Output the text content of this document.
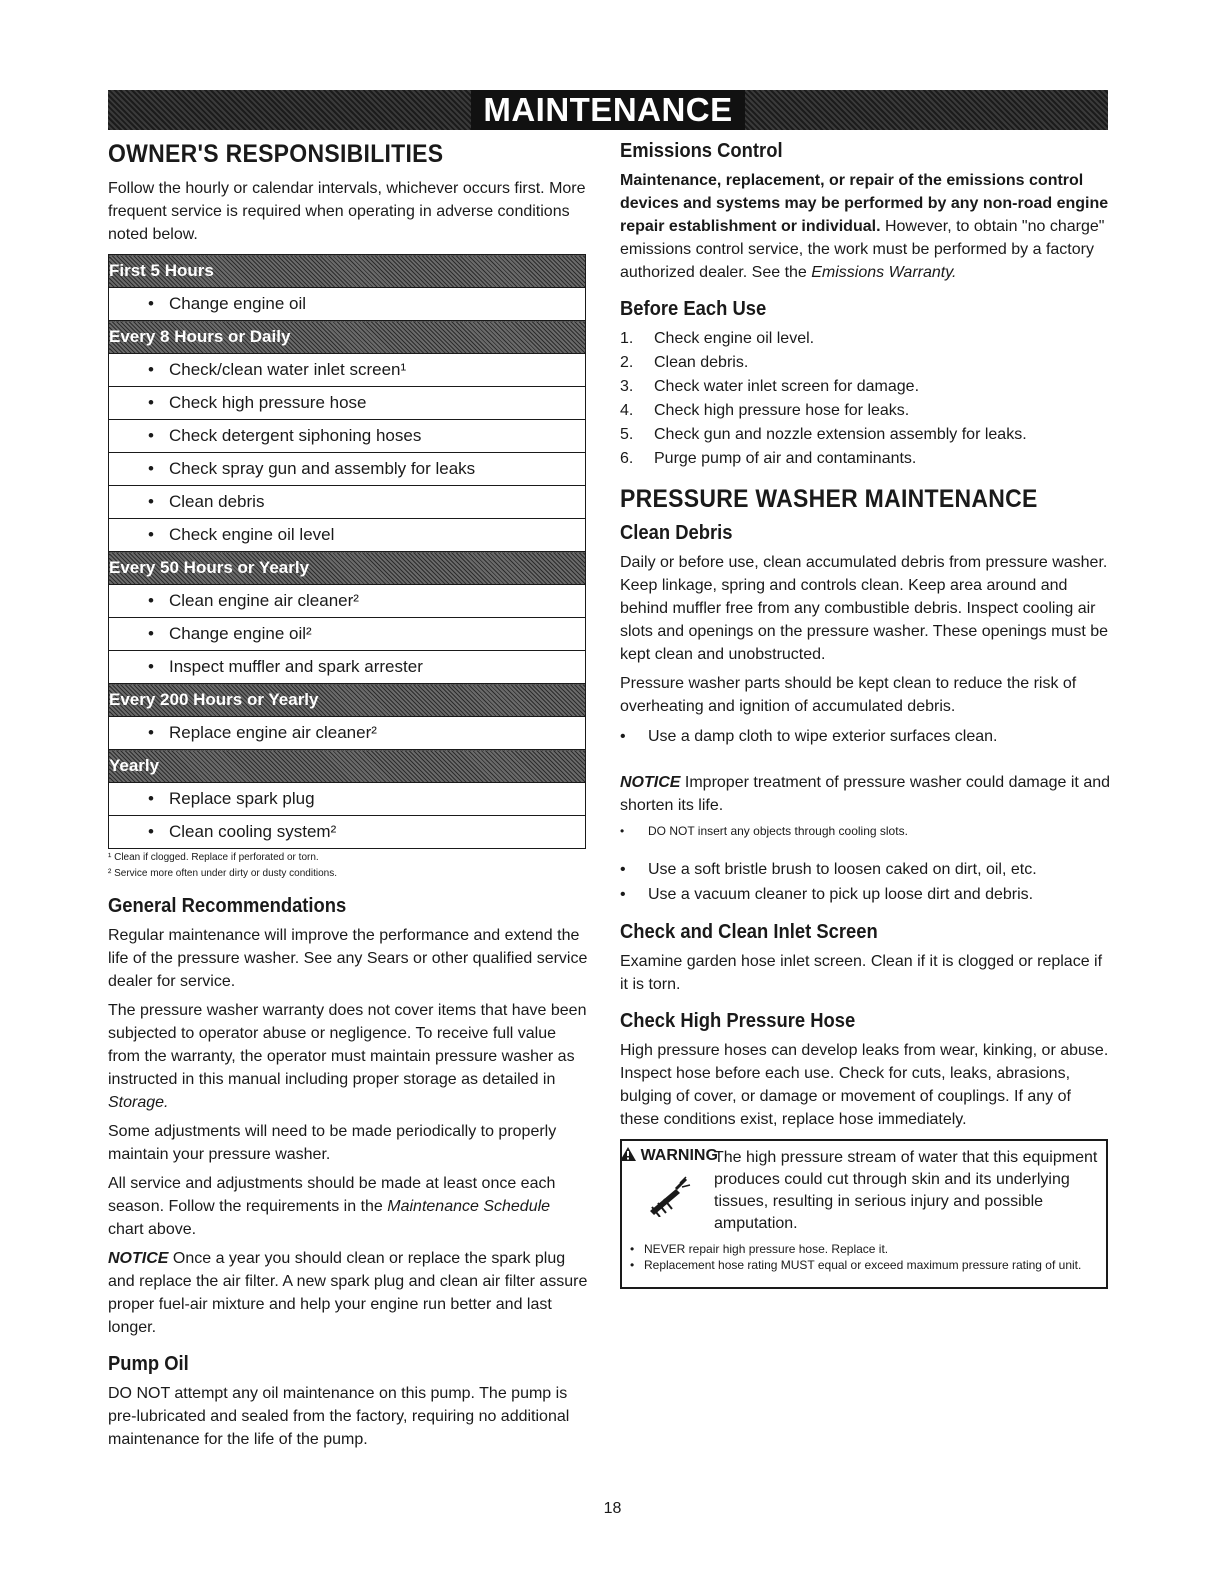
MAINTENANCE
OWNER'S RESPONSIBILITIES

Follow the hourly or calendar intervals, whichever occurs first. More frequent service is required when operating in adverse conditions noted below.

First 5 Hours
• Change engine oil
Every 8 Hours or Daily
• Check/clean water inlet screen¹
• Check high pressure hose
• Check detergent siphoning hoses
• Check spray gun and assembly for leaks
• Clean debris
• Check engine oil level
Every 50 Hours or Yearly
• Clean engine air cleaner²
• Change engine oil²
• Inspect muffler and spark arrester
Every 200 Hours or Yearly
• Replace engine air cleaner²
Yearly
• Replace spark plug
• Clean cooling system²
¹ Clean if clogged. Replace if perforated or torn.
² Service more often under dirty or dusty conditions.
General Recommendations

Regular maintenance will improve the performance and extend the life of the pressure washer. See any Sears or other qualified service dealer for service.

The pressure washer warranty does not cover items that have been subjected to operator abuse or negligence. To receive full value from the warranty, the operator must maintain pressure washer as instructed in this manual including proper storage as detailed in Storage.

Some adjustments will need to be made periodically to properly maintain your pressure washer.

All service and adjustments should be made at least once each season. Follow the requirements in the Maintenance Schedule chart above.

NOTICE Once a year you should clean or replace the spark plug and replace the air filter. A new spark plug and clean air filter assure proper fuel-air mixture and help your engine run better and last longer.

Pump Oil

DO NOT attempt any oil maintenance on this pump. The pump is pre-lubricated and sealed from the factory, requiring no additional maintenance for the life of the pump.

Emissions Control

Maintenance, replacement, or repair of the emissions control devices and systems may be performed by any non-road engine repair establishment or individual. However, to obtain "no charge" emissions control service, the work must be performed by a factory authorized dealer. See the Emissions Warranty.

Before Each Use
1.	Check engine oil level.
2.	Clean debris.
3.	Check water inlet screen for damage.
4.	Check high pressure hose for leaks.
5.	Check gun and nozzle extension assembly for leaks.
6.	Purge pump of air and contaminants.
PRESSURE WASHER MAINTENANCE
Clean Debris

Daily or before use, clean accumulated debris from pressure washer. Keep linkage, spring and controls clean. Keep area around and behind muffler free from any combustible debris. Inspect cooling air slots and openings on the pressure washer. These openings must be kept clean and unobstructed.

Pressure washer parts should be kept clean to reduce the risk of overheating and ignition of accumulated debris.

•	Use a damp cloth to wipe exterior surfaces clean.

NOTICE Improper treatment of pressure washer could damage it and shorten its life.

•	DO NOT insert any objects through cooling slots.
•	Use a soft bristle brush to loosen caked on dirt, oil, etc.
•	Use a vacuum cleaner to pick up loose dirt and debris.
Check and Clean Inlet Screen

Examine garden hose inlet screen. Clean if it is clogged or replace if it is torn.

Check High Pressure Hose

High pressure hoses can develop leaks from wear, kinking, or abuse. Inspect hose before each use. Check for cuts, leaks, abrasions, bulging of cover, or damage or movement of couplings. If any of these conditions exist, replace hose immediately.

WARNING
The high pressure stream of water that this equipment produces could cut through skin and its underlying tissues, resulting in serious injury and possible amputation.
• NEVER repair high pressure hose. Replace it.
• Replacement hose rating MUST equal or exceed maximum pressure rating of unit.
18
